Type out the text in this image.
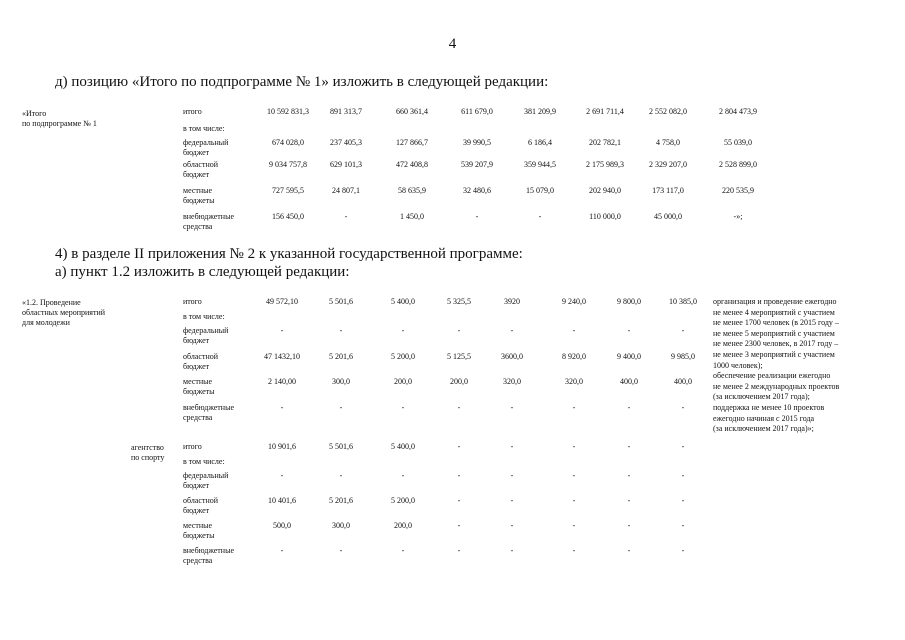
4
д) позицию «Итого по подпрограмме № 1» изложить в следующей редакции:
«Итого
по подпрограмме № 1
итого	10 592 831,3	891 313,7	660 361,4	611 679,0	381 209,9	2 691 711,4	2 552 082,0	2 804 473,9
в том числе:
федеральный
бюджет
674 028,0	237 405,3	127 866,7	39 990,5	6 186,4	202 782,1	4 758,0	55 039,0
областной
бюджет
9 034 757,8	629 101,3	472 408,8	539 207,9	359 944,5	2 175 989,3	2 329 207,0	2 528 899,0
местные
бюджеты
727 595,5	24 807,1	58 635,9	32 480,6	15 079,0	202 940,0	173 117,0	220 535,9
внебюджетные
средства
156 450,0	-	1 450,0	-	-	110 000,0	45 000,0	-»;
4) в разделе II приложения № 2 к указанной государственной программе:
а) пункт 1.2 изложить в следующей редакции:
«1.2. Проведение
областных мероприятий
для молодежи
агентство
по спорту
итого	49 572,10	5 501,6	5 400,0	5 325,5	3920	9 240,0	9 800,0	10 385,0
в том числе:
федеральный
бюджет
-	-	-	-	-	-	-	-
областной
бюджет
47 1432,10	5 201,6	5 200,0	5 125,5	3600,0	8 920,0	9 400,0	9 985,0
местные
бюджеты
2 140,00	300,0	200,0	200,0	320,0	320,0	400,0	400,0
внебюджетные
средства
-	-	-	-	-	-	-	-
итого	10 901,6	5 501,6	5 400,0	-	-	-	-	-
в том числе:
федеральный
бюджет
-	-	-	-	-	-	-	-
областной
бюджет
10 401,6	5 201,6	5 200,0	-	-	-	-	-
местные
бюджеты
500,0	300,0	200,0	-	-	-	-	-
внебюджетные
средства
-	-	-	-	-	-	-	-
организация и проведение ежегодно
не менее 4 мероприятий с участием
не менее 1700 человек (в 2015 году –
не менее 5 мероприятий с участием
не менее 2300 человек, в 2017 году –
не менее 3 мероприятий с участием
1000 человек);
обеспечение реализации ежегодно
не менее 2 международных проектов
(за исключением 2017 года);
поддержка не менее 10 проектов
ежегодно начиная с 2015 года
(за исключением 2017 года)»;
